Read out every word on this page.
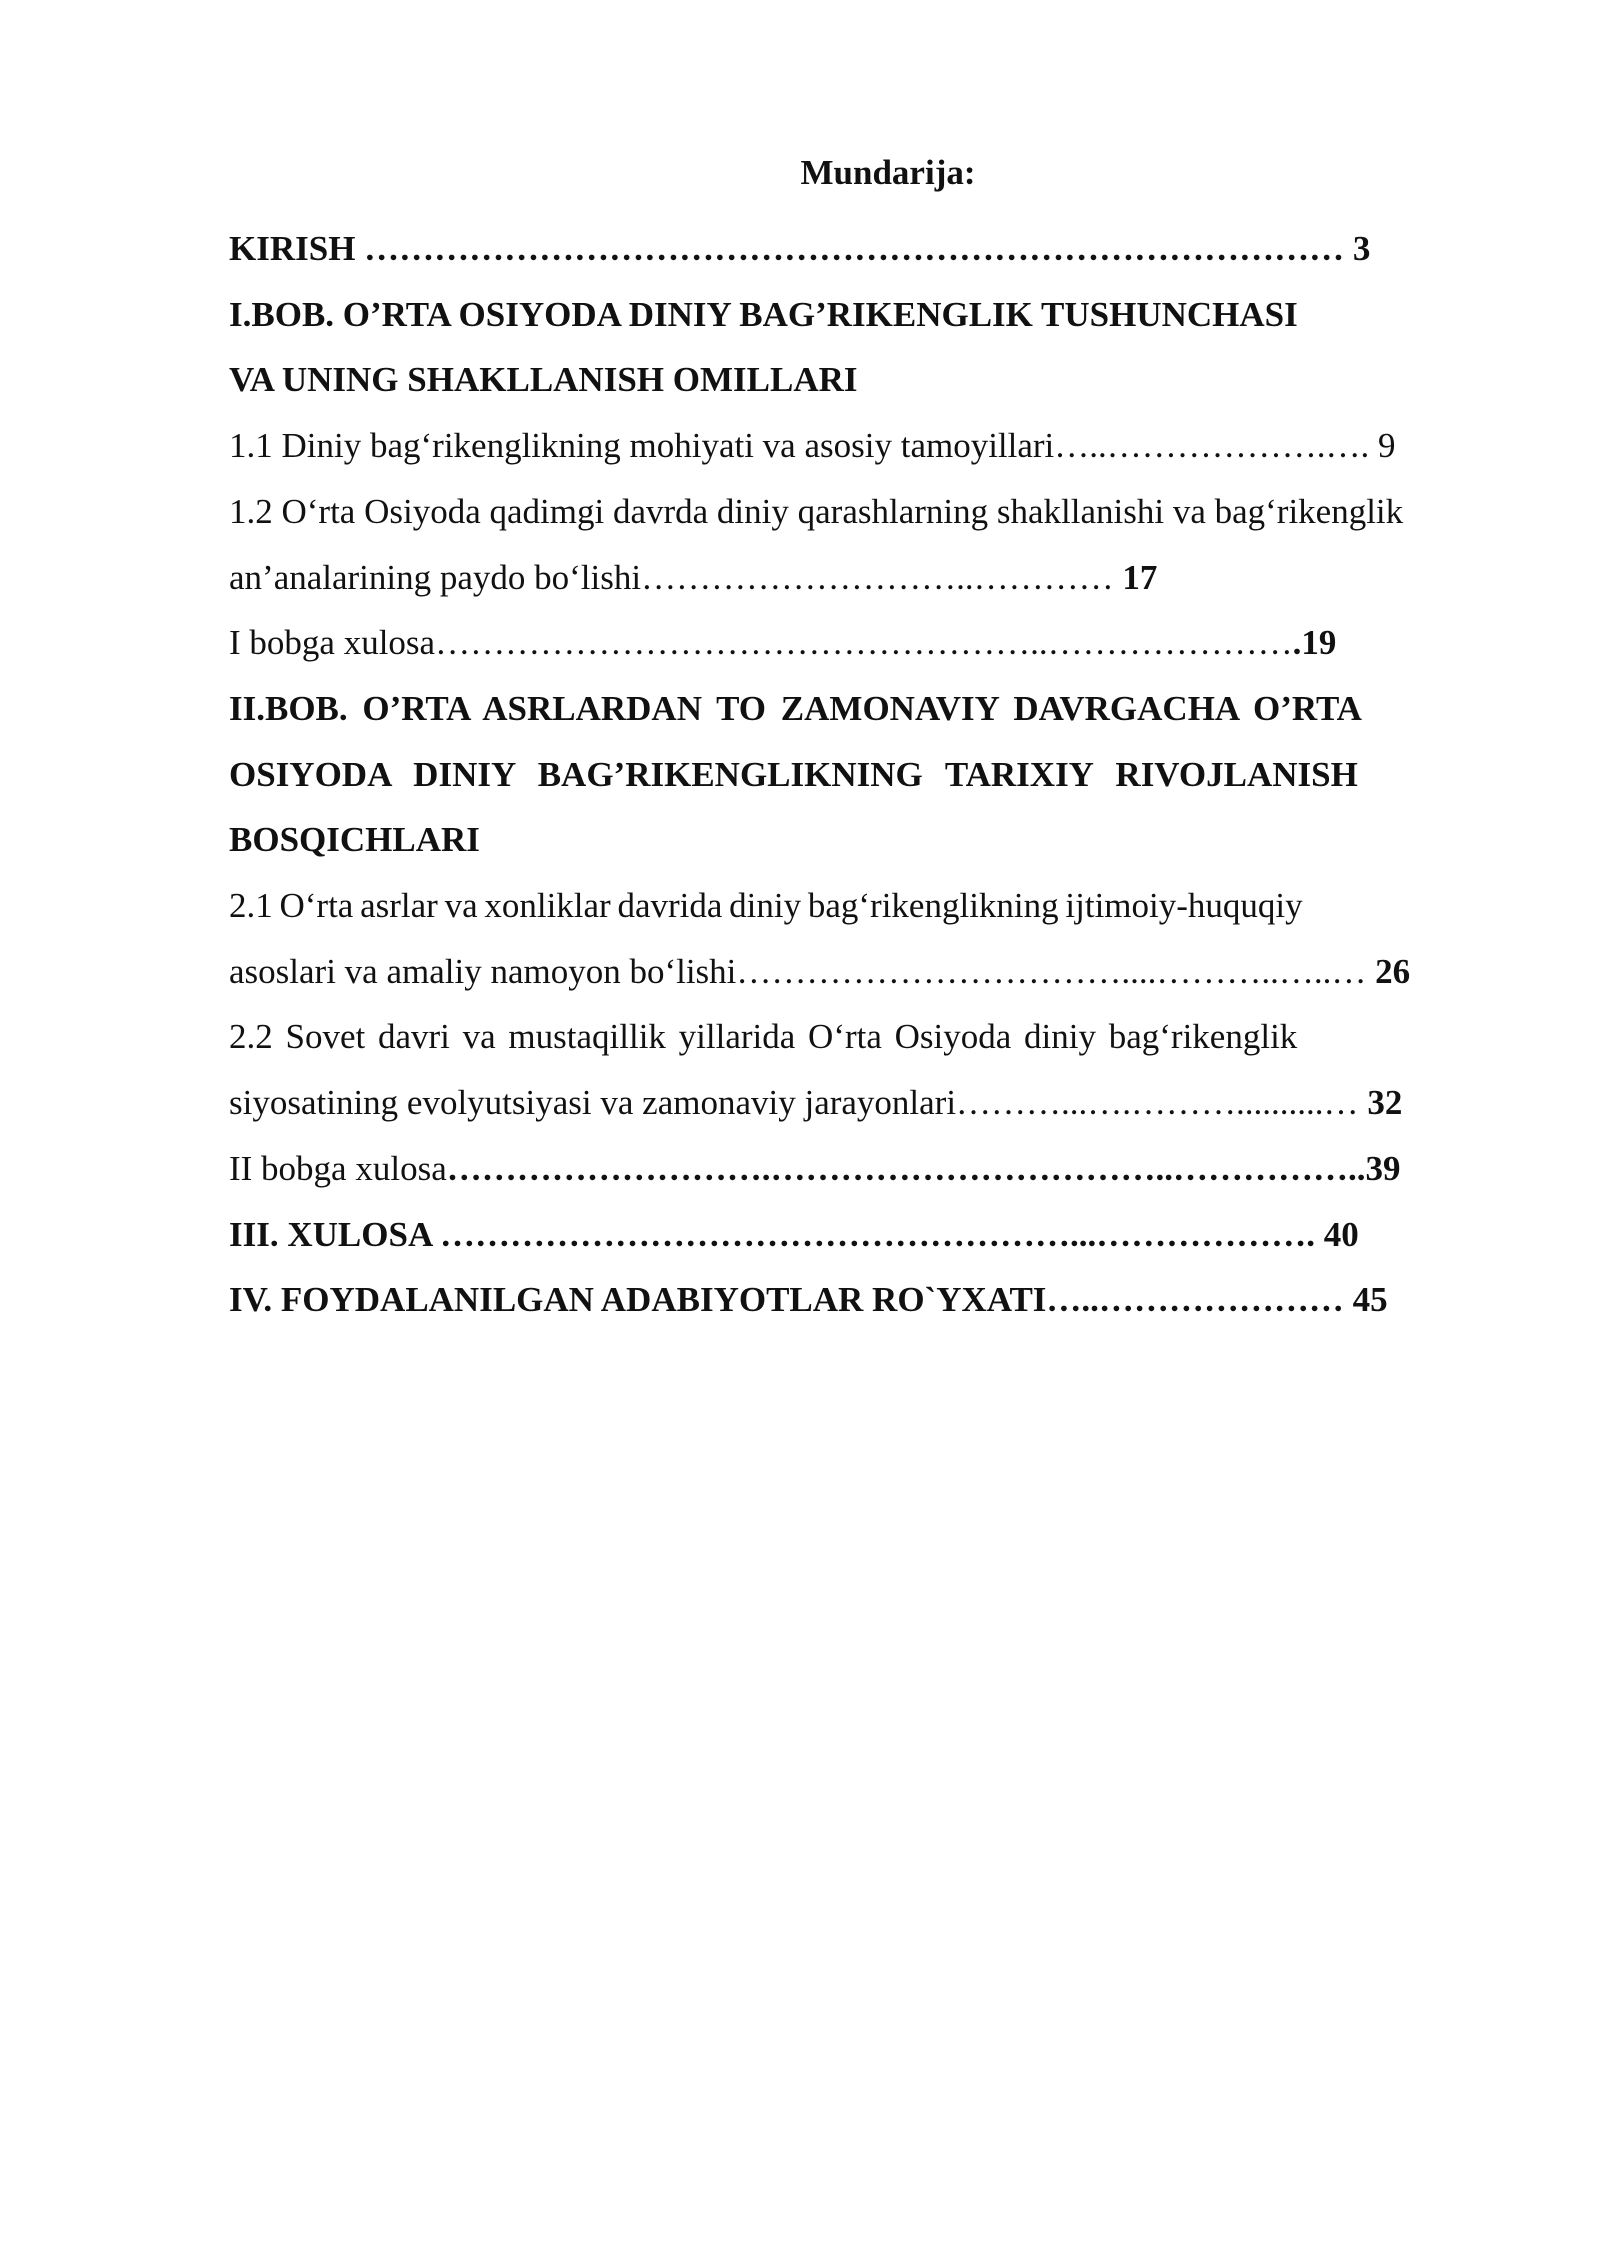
Mundarija:
KIRISH ………………………………………………………………………… 3
I.BOB. O’RTA OSIYODA DINIY BAG’RIKENGLIK TUSHUNCHASI
VA UNING SHAKLLANISH OMILLARI
1.1 Diniy bag‘rikenglikning mohiyati va asosiy tamoyillari…..……………….…. 9
1.2 O‘rta Osiyoda qadimgi davrda diniy qarashlarning shakllanishi va bag‘rikenglik
an’analarining paydo bo‘lishi………………………..………… 17
I bobga xulosa……………………………………………..………………….19
II.BOB. O’RTA ASRLARDAN TO ZAMONAVIY DAVRGACHA O’RTA
OSIYODA DINIY BAG’RIKENGLIKNING TARIXIY RIVOJLANISH
BOSQICHLARI
2.1 O‘rta asrlar va xonliklar davrida diniy bag‘rikenglikning ijtimoiy-huquqiy
asoslari va amaliy namoyon bo‘lishi……………………………....………..…..… 26
2.2 Sovet davri va mustaqillik yillarida O‘rta Osiyoda diniy bag‘rikenglik
siyosatining evolyutsiyasi va zamonaviy jarayonlari………...….………..........… 32
II bobga xulosa……………………….……………………………..……………..39
III. XULOSA ………………………………………………...………………. 40
IV. FOYDALANILGAN ADABIYOTLAR RO`YXATI…..………………… 45
